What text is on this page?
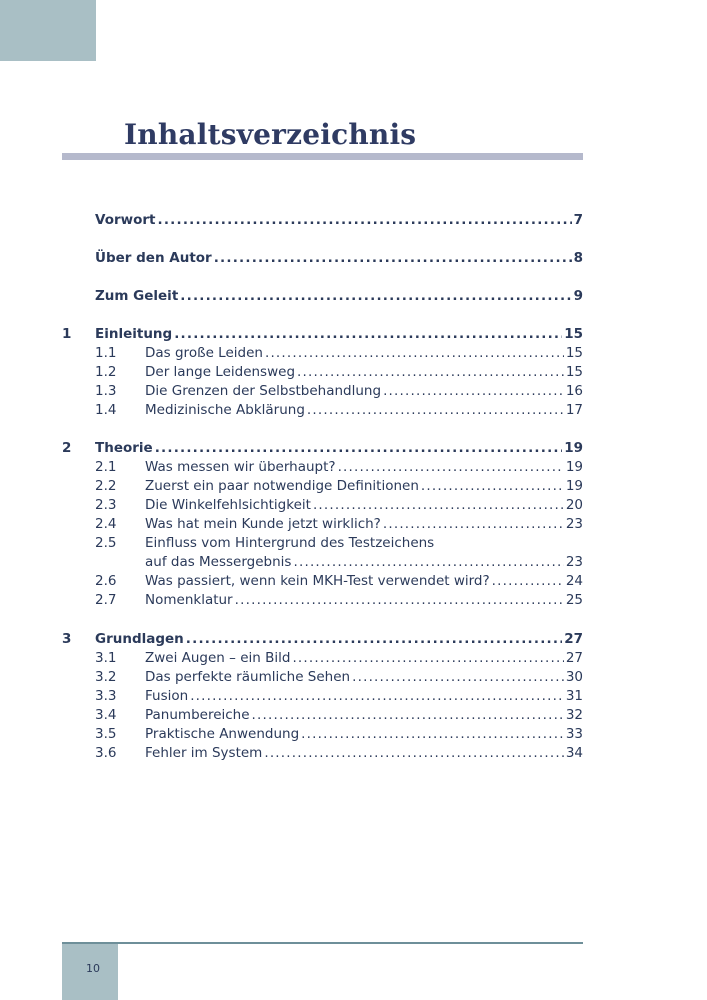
Inhaltsverzeichnis
Vorwort .....	7
Über den Autor .....	8
Zum Geleit .....	9
1 Einleitung .....	15
1.1	Das große Leiden .....	15
1.2	Der lange Leidensweg .....	15
1.3	Die Grenzen der Selbstbehandlung .....	16
1.4	Medizinische Abklärung .....	17
2 Theorie .....	19
2.1	Was messen wir überhaupt? .....	19
2.2	Zuerst ein paar notwendige Definitionen .....	19
2.3	Die Winkelfehlsichtigkeit .....	20
2.4	Was hat mein Kunde jetzt wirklich? .....	23
2.5	Einfluss vom Hintergrund des Testzeichens
auf das Messergebnis .....	23
2.6	Was passiert, wenn kein MKH-Test verwendet wird? .....	24
2.7	Nomenklatur .....	25
3 Grundlagen .....	27
3.1	Zwei Augen – ein Bild .....	27
3.2	Das perfekte räumliche Sehen .....	30
3.3	Fusion .....	31
3.4	Panumbereiche .....	32
3.5	Praktische Anwendung .....	33
3.6	Fehler im System .....	34
10
